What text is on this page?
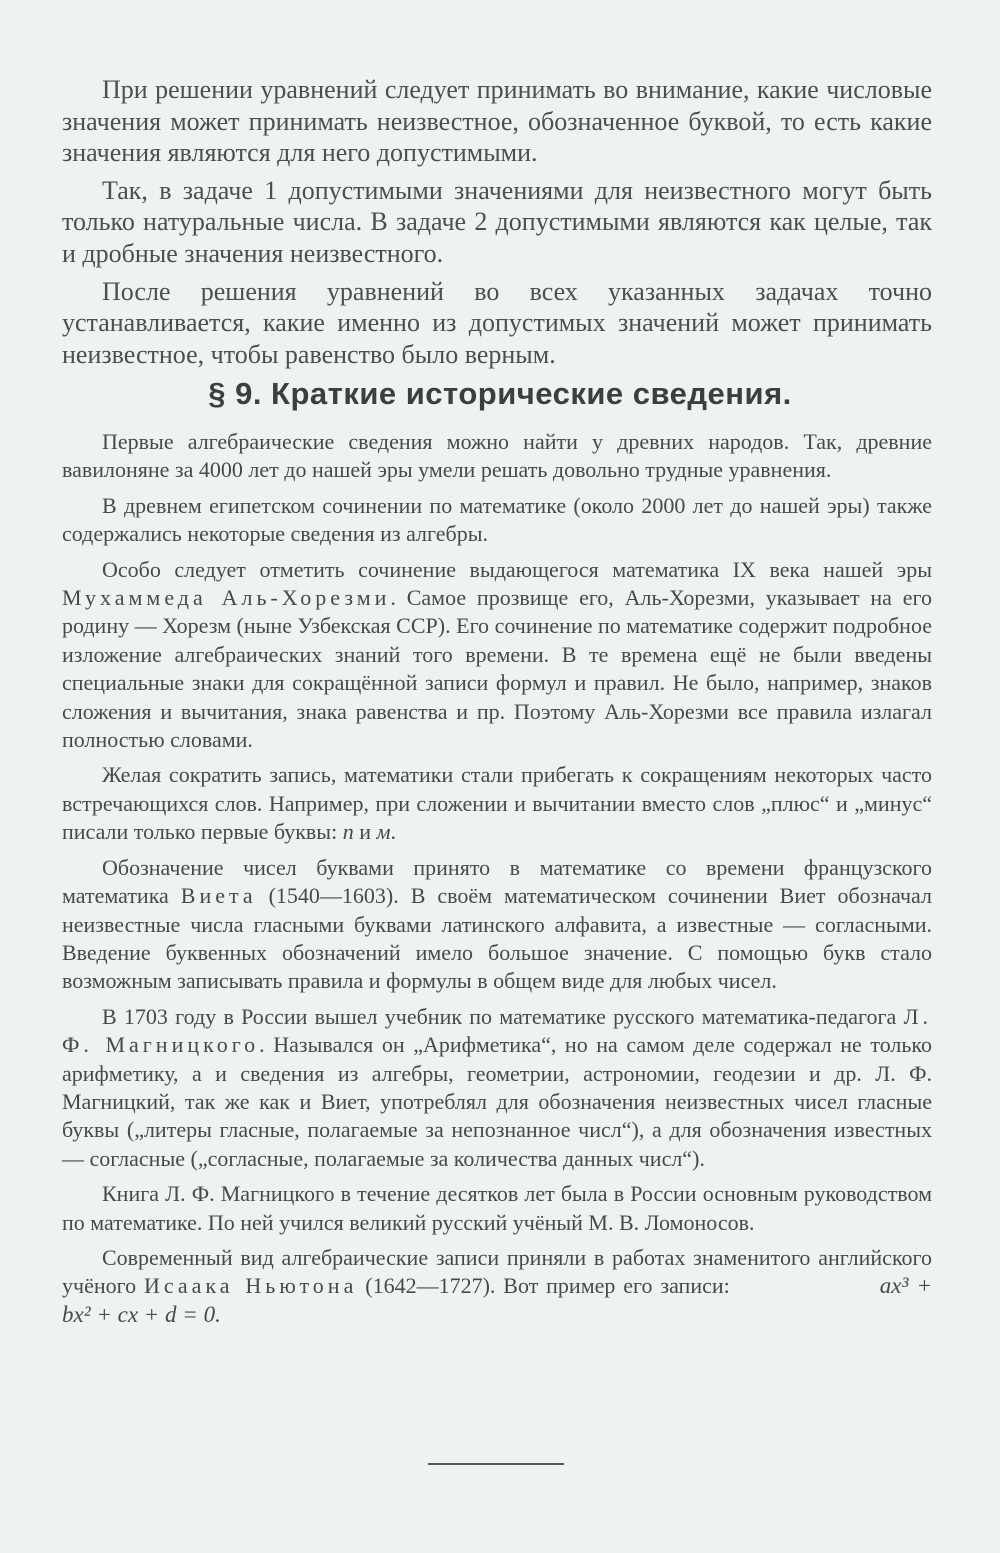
При решении уравнений следует принимать во внимание, какие числовые значения может принимать неизвестное, обозначенное буквой, то есть какие значения являются для него допустимыми.

Так, в задаче 1 допустимыми значениями для неизвестного могут быть только натуральные числа. В задаче 2 допустимыми являются как целые, так и дробные значения неизвестного.

После решения уравнений во всех указанных задачах точно устанавливается, какие именно из допустимых значений может принимать неизвестное, чтобы равенство было верным.

§ 9. Краткие исторические сведения.

Первые алгебраические сведения можно найти у древних народов. Так, древние вавилоняне за 4000 лет до нашей эры умели решать довольно трудные уравнения.

В древнем египетском сочинении по математике (около 2000 лет до нашей эры) также содержались некоторые сведения из алгебры.

Особо следует отметить сочинение выдающегося математика IX века нашей эры Мухаммеда Аль-Хорезми. Самое прозвище его, Аль-Хорезми, указывает на его родину — Хорезм (ныне Узбекская ССР). Его сочинение по математике содержит подробное изложение алгебраических знаний того времени. В те времена ещё не были введены специальные знаки для сокращённой записи формул и правил. Не было, например, знаков сложения и вычитания, знака равенства и пр. Поэтому Аль-Хорезми все правила излагал полностью словами.

Желая сократить запись, математики стали прибегать к сокращениям некоторых часто встречающихся слов. Например, при сложении и вычитании вместо слов „плюс“ и „минус“ писали только первые буквы: п и м.

Обозначение чисел буквами принято в математике со времени французского математика Виета (1540—1603). В своём математическом сочинении Виет обозначал неизвестные числа гласными буквами латинского алфавита, а известные — согласными. Введение буквенных обозначений имело большое значение. С помощью букв стало возможным записывать правила и формулы в общем виде для любых чисел.

В 1703 году в России вышел учебник по математике русского математика-педагога Л. Ф. Магницкого. Назывался он „Арифметика“, но на самом деле содержал не только арифметику, а и сведения из алгебры, геометрии, астрономии, геодезии и др. Л. Ф. Магницкий, так же как и Виет, употреблял для обозначения неизвестных чисел гласные буквы („литеры гласные, полагаемые за непознанное числ“), а для обозначения известных — согласные („согласные, полагаемые за количества данных числ“).

Книга Л. Ф. Магницкого в течение десятков лет была в России основным руководством по математике. По ней учился великий русский учёный М. В. Ломоносов.

Современный вид алгебраические записи приняли в работах знаменитого английского учёного Исаака Ньютона (1642—1727). Вот пример его записи:	ax³ + bx² + cx + d = 0.
